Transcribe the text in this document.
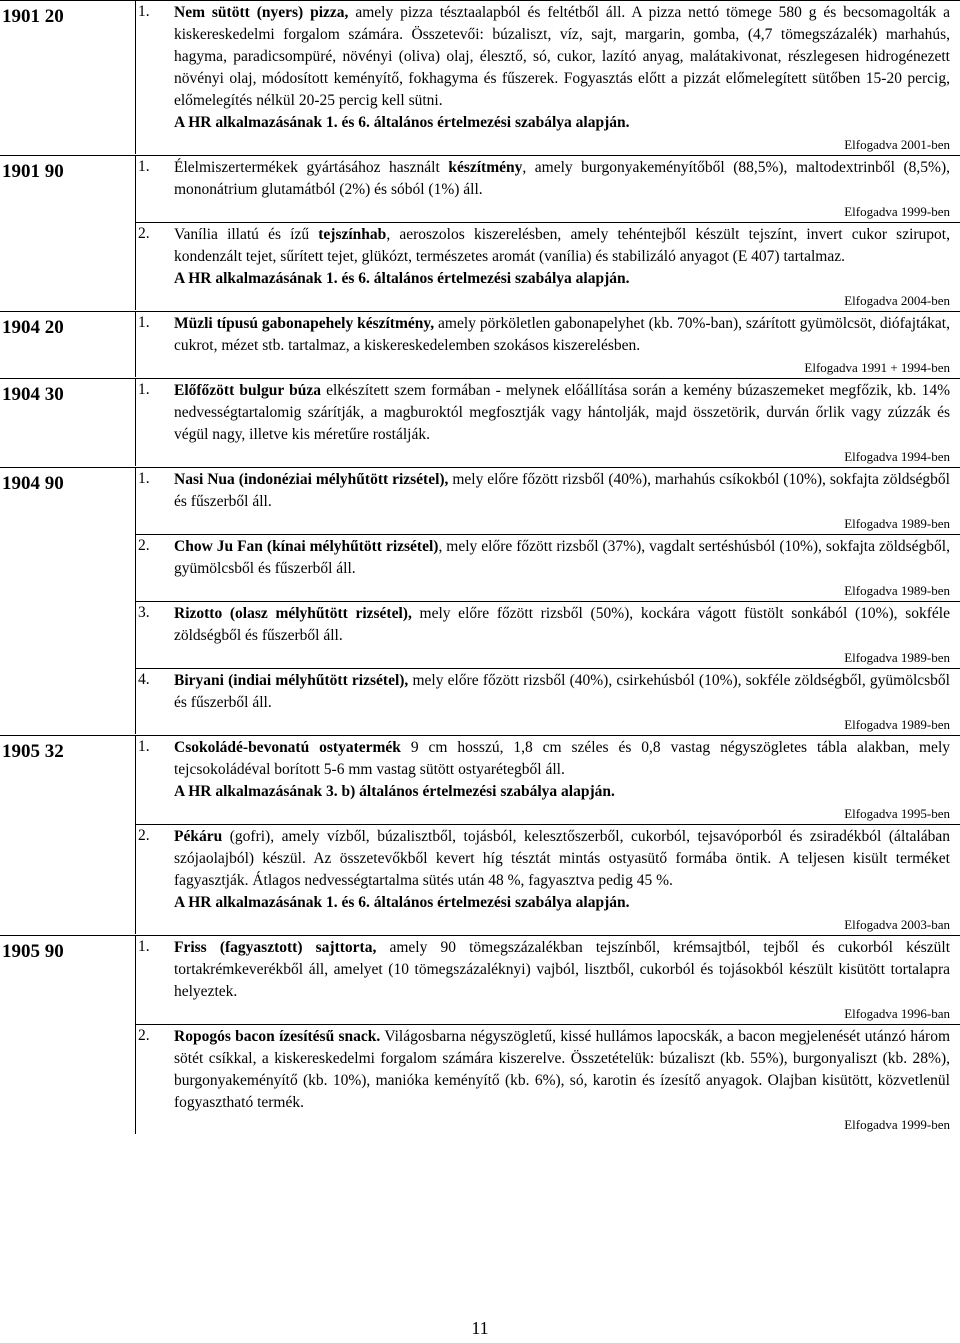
1901 20	1. Nem sütött (nyers) pizza, amely pizza tésztaalapból és feltétből áll. A pizza nettó tömege 580 g és becsomagolták a kiskereskedelmi forgalom számára. Összetevői: búzaliszt, víz, sajt, margarin, gomba, (4,7 tömegszázalék) marhahús, hagyma, paradicsompüré, növényi (oliva) olaj, élesztő, só, cukor, lazító anyag, malátakivonat, részlegesen hidrogénezett növényi olaj, módosított keményítő, fokhagyma és fűszerek. Fogyasztás előtt a pizzát előmelegített sütőben 15-20 percig, előmelegítés nélkül 20-25 percig kell sütni.
A HR alkalmazásának 1. és 6. általános értelmezési szabálya alapján.
Elfogadva 2001-ben
1901 90	1. Élelmiszertermékek gyártásához használt készítmény, amely burgonyakeményítőből (88,5%), maltodextrinből (8,5%), mononátrium glutamátból (2%) és sóból (1%) áll.
Elfogadva 1999-ben
2. Vanília illatú és ízű tejszínhab, aeroszolos kiszerelésben, amely tehéntejből készült tejszínt, invert cukor szirupot, kondenzált tejet, sűrített tejet, glükózt, természetes aromát (vanília) és stabilizáló anyagot (E 407) tartalmaz.
A HR alkalmazásának 1. és 6. általános értelmezési szabálya alapján.
Elfogadva 2004-ben
1904 20	1. Müzli típusú gabonapehely készítmény, amely pörköletlen gabonapelyhet (kb. 70%-ban), szárított gyümölcsöt, diófajtákat, cukrot, mézet stb. tartalmaz, a kiskereskedelemben szokásos kiszerelésben.
Elfogadva 1991 + 1994-ben
1904 30	1. Előfőzött bulgur búza elkészített szem formában - melynek előállítása során a kemény búzaszemeket megfőzik, kb. 14% nedvességtartalomig szárítják, a magburoktól megfosztják vagy hántolják, majd összetörik, durván őrlik vagy zúzzák és végül nagy, illetve kis méretűre rostálják.
Elfogadva 1994-ben
1904 90	1. Nasi Nua (indonéziai mélyhűtött rizsétel), mely előre főzött rizsből (40%), marhahús csíkokból (10%), sokfajta zöldségből és fűszerből áll.
Elfogadva 1989-ben
2. Chow Ju Fan (kínai mélyhűtött rizsétel), mely előre főzött rizsből (37%), vagdalt sertéshúsból (10%), sokfajta zöldségből, gyümölcsből és fűszerből áll.
Elfogadva 1989-ben
3. Rizotto (olasz mélyhűtött rizsétel), mely előre főzött rizsből (50%), kockára vágott füstölt sonkából (10%), sokféle zöldségből és fűszerből áll.
Elfogadva 1989-ben
4. Biryani (indiai mélyhűtött rizsétel), mely előre főzött rizsből (40%), csirkehúsból (10%), sokféle zöldségből, gyümölcsből és fűszerből áll.
Elfogadva 1989-ben
1905 32	1. Csokoládé-bevonatú ostyatermék 9 cm hosszú, 1,8 cm széles és 0,8 vastag négyszögletes tábla alakban, mely tejcsokoládéval borított 5-6 mm vastag sütött ostyarétegből áll.
A HR alkalmazásának 3. b) általános értelmezési szabálya alapján.
Elfogadva 1995-ben
2. Pékáru (gofri), amely vízből, búzalisztből, tojásból, kelesztőszerből, cukorból, tejsavóporból és zsiradékból (általában szójaolajból) készül. Az összetevőkből kevert híg tésztát mintás ostyasütő formába öntik. A teljesen kisült terméket fagyasztják. Átlagos nedvességtartalma sütés után 48 %, fagyasztva pedig 45 %.
A HR alkalmazásának 1. és 6. általános értelmezési szabálya alapján.
Elfogadva 2003-ban
1905 90	1. Friss (fagyasztott) sajttorta, amely 90 tömegszázalékban tejszínből, krémsajtból, tejből és cukorból készült tortakrémkeverékből áll, amelyet (10 tömegszázaléknyi) vajból, lisztből, cukorból és tojásokból készült kisütött tortalapra helyeztek.
Elfogadva 1996-ban
2. Ropogós bacon ízesítésű snack. Világosbarna négyszögletű, kissé hullámos lapocskák, a bacon megjelenését utánzó három sötét csíkkal, a kiskereskedelmi forgalom számára kiszerelve. Összetételük: búzaliszt (kb. 55%), burgonyaliszt (kb. 28%), burgonyakeményítő (kb. 10%), manióka keményítő (kb. 6%), só, karotin és ízesítő anyagok. Olajban kisütött, közvetlenül fogyasztható termék.
Elfogadva 1999-ben
11
